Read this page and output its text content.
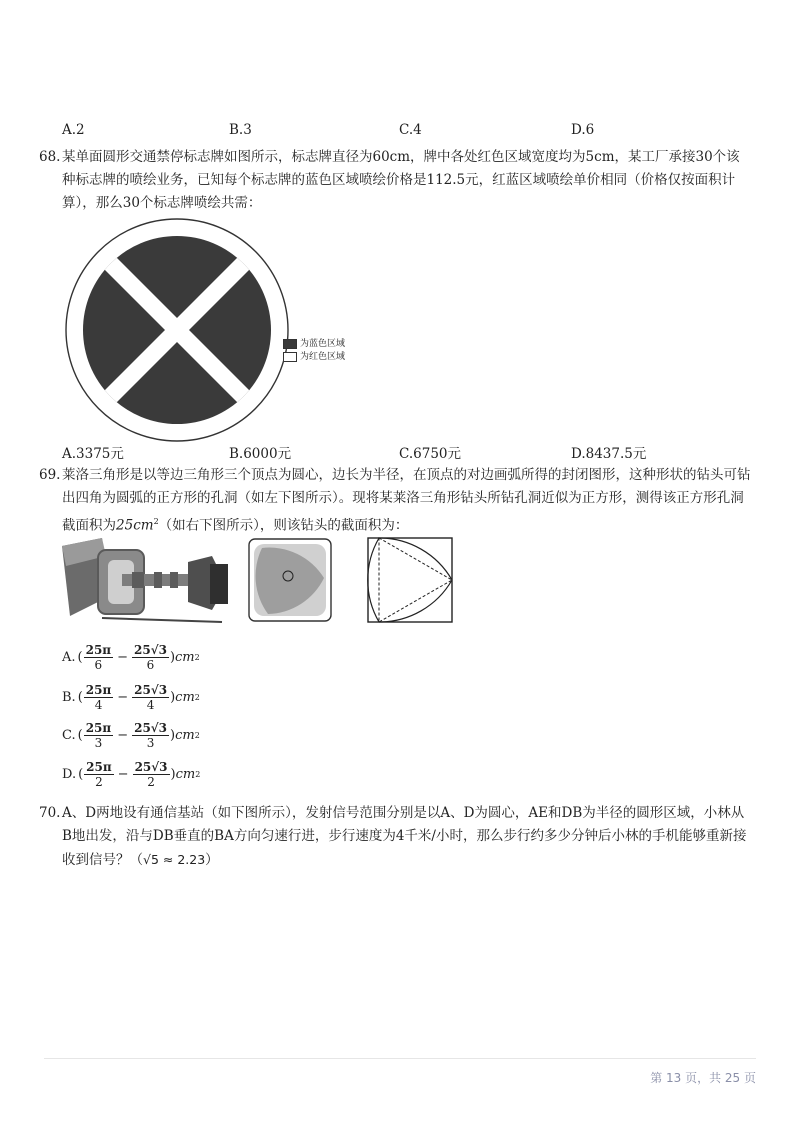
A.2	B.3	C.4	D.6
68. 某单面圆形交通禁停标志牌如图所示，标志牌直径为60cm，牌中各处红色区域宽度均为5cm，某工厂承接30个该种标志牌的喷绘业务，已知每个标志牌的蓝色区域喷绘价格是112.5元，红蓝区域喷绘单价相同（价格仅按面积计算），那么30个标志牌喷绘共需：
为蓝色区域
为红色区域
A.3375元	B.6000元	C.6750元	D.8437.5元
69. 莱洛三角形是以等边三角形三个顶点为圆心，边长为半径，在顶点的对边画弧所得的封闭图形，这种形状的钻头可钻出四角为圆弧的正方形的孔洞（如左下图所示）。现将某莱洛三角形钻头所钻孔洞近似为正方形，测得该正方形孔洞截面积为$25cm^2$（如右下图所示），则该钻头的截面积为：
A. ( $\frac{25\pi}{6} - \frac{25√3}{6}$ ) cm 2
B. ( $\frac{25\pi}{4} - \frac{25√3}{4}$ ) cm 2
C. ( $\frac{25\pi}{3} - \frac{25√3}{3}$ ) cm 2
D. ( $\frac{25\pi}{2} - \frac{25√3}{2}$ ) cm 2
70. A、D两地设有通信基站（如下图所示），发射信号范围分别是以A、D为圆心，AE和DB为半径的圆形区域，小林从B地出发，沿与DB垂直的BA方向匀速行进，步行速度为4千米/小时，那么步行约多少分钟后小林的手机能够重新接收到信号？（√5 ≈ 2.23）
第 13 页，共 25 页
